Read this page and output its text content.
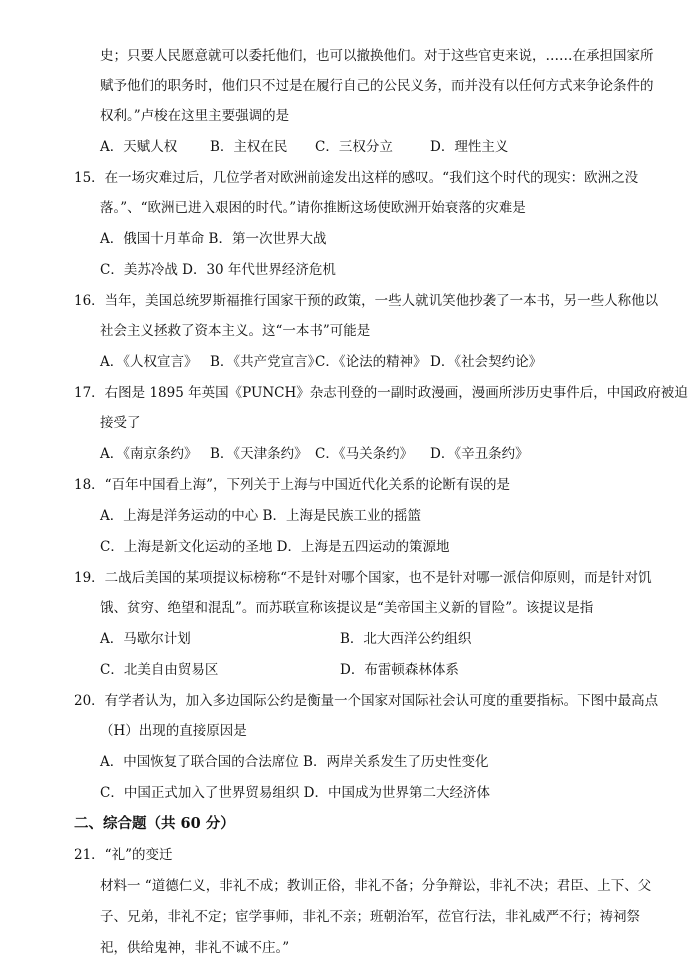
史；只要人民愿意就可以委托他们，也可以撤换他们。对于这些官吏来说，……在承担国家所
赋予他们的职务时，他们只不过是在履行自己的公民义务，而并没有以任何方式来争论条件的
权利。”卢梭在这里主要强调的是
A．天赋人权 B．主权在民 C．三权分立	D．理性主义
15．在一场灾难过后，几位学者对欧洲前途发出这样的感叹。“我们这个时代的现实：欧洲之没
落。”、“欧洲已进入艰困的时代。”请你推断这场使欧洲开始衰落的灾难是
A．俄国十月革命 B．第一次世界大战
C．美苏冷战 D．30 年代世界经济危机
16．当年，美国总统罗斯福推行国家干预的政策，一些人就讥笑他抄袭了一本书，另一些人称他以
社会主义拯救了资本主义。这“一本书”可能是
A．《人权宣言》 B．《共产党宣言》
C．《论法的精神》 D．《社会契约论》
17．右图是 1895 年英国《PUNCH》杂志刊登的一副时政漫画，漫画所涉历史事件后，中国政府被迫
接受了
A．《南京条约》 B．《天津条约》 C．《马关条约》 D．《辛丑条约》
18．“百年中国看上海”，下列关于上海与中国近代化关系的论断有误的是
A．上海是洋务运动的中心 B．上海是民族工业的摇篮
C．上海是新文化运动的圣地 D．上海是五四运动的策源地
19．二战后美国的某项提议标榜称“不是针对哪个国家，也不是针对哪一派信仰原则，而是针对饥
饿、贫穷、绝望和混乱”。而苏联宣称该提议是“美帝国主义新的冒险”。该提议是指
A．马歇尔计划	B．北大西洋公约组织
C．北美自由贸易区	D．布雷顿森林体系
20．有学者认为，加入多边国际公约是衡量一个国家对国际社会认可度的重要指标。下图中最高点
（H）出现的直接原因是
A．中国恢复了联合国的合法席位 B．两岸关系发生了历史性变化
C．中国正式加入了世界贸易组织 D．中国成为世界第二大经济体
二、综合题（共 60 分）
21．“礼”的变迁
材料一 “道德仁义，非礼不成；教训正俗，非礼不备；分争辩讼，非礼不决；君臣、上下、父
子、兄弟，非礼不定；宦学事师，非礼不亲；班朝治军，莅官行法，非礼威严不行；祷祠祭
祀，供给鬼神，非礼不诚不庄。”
